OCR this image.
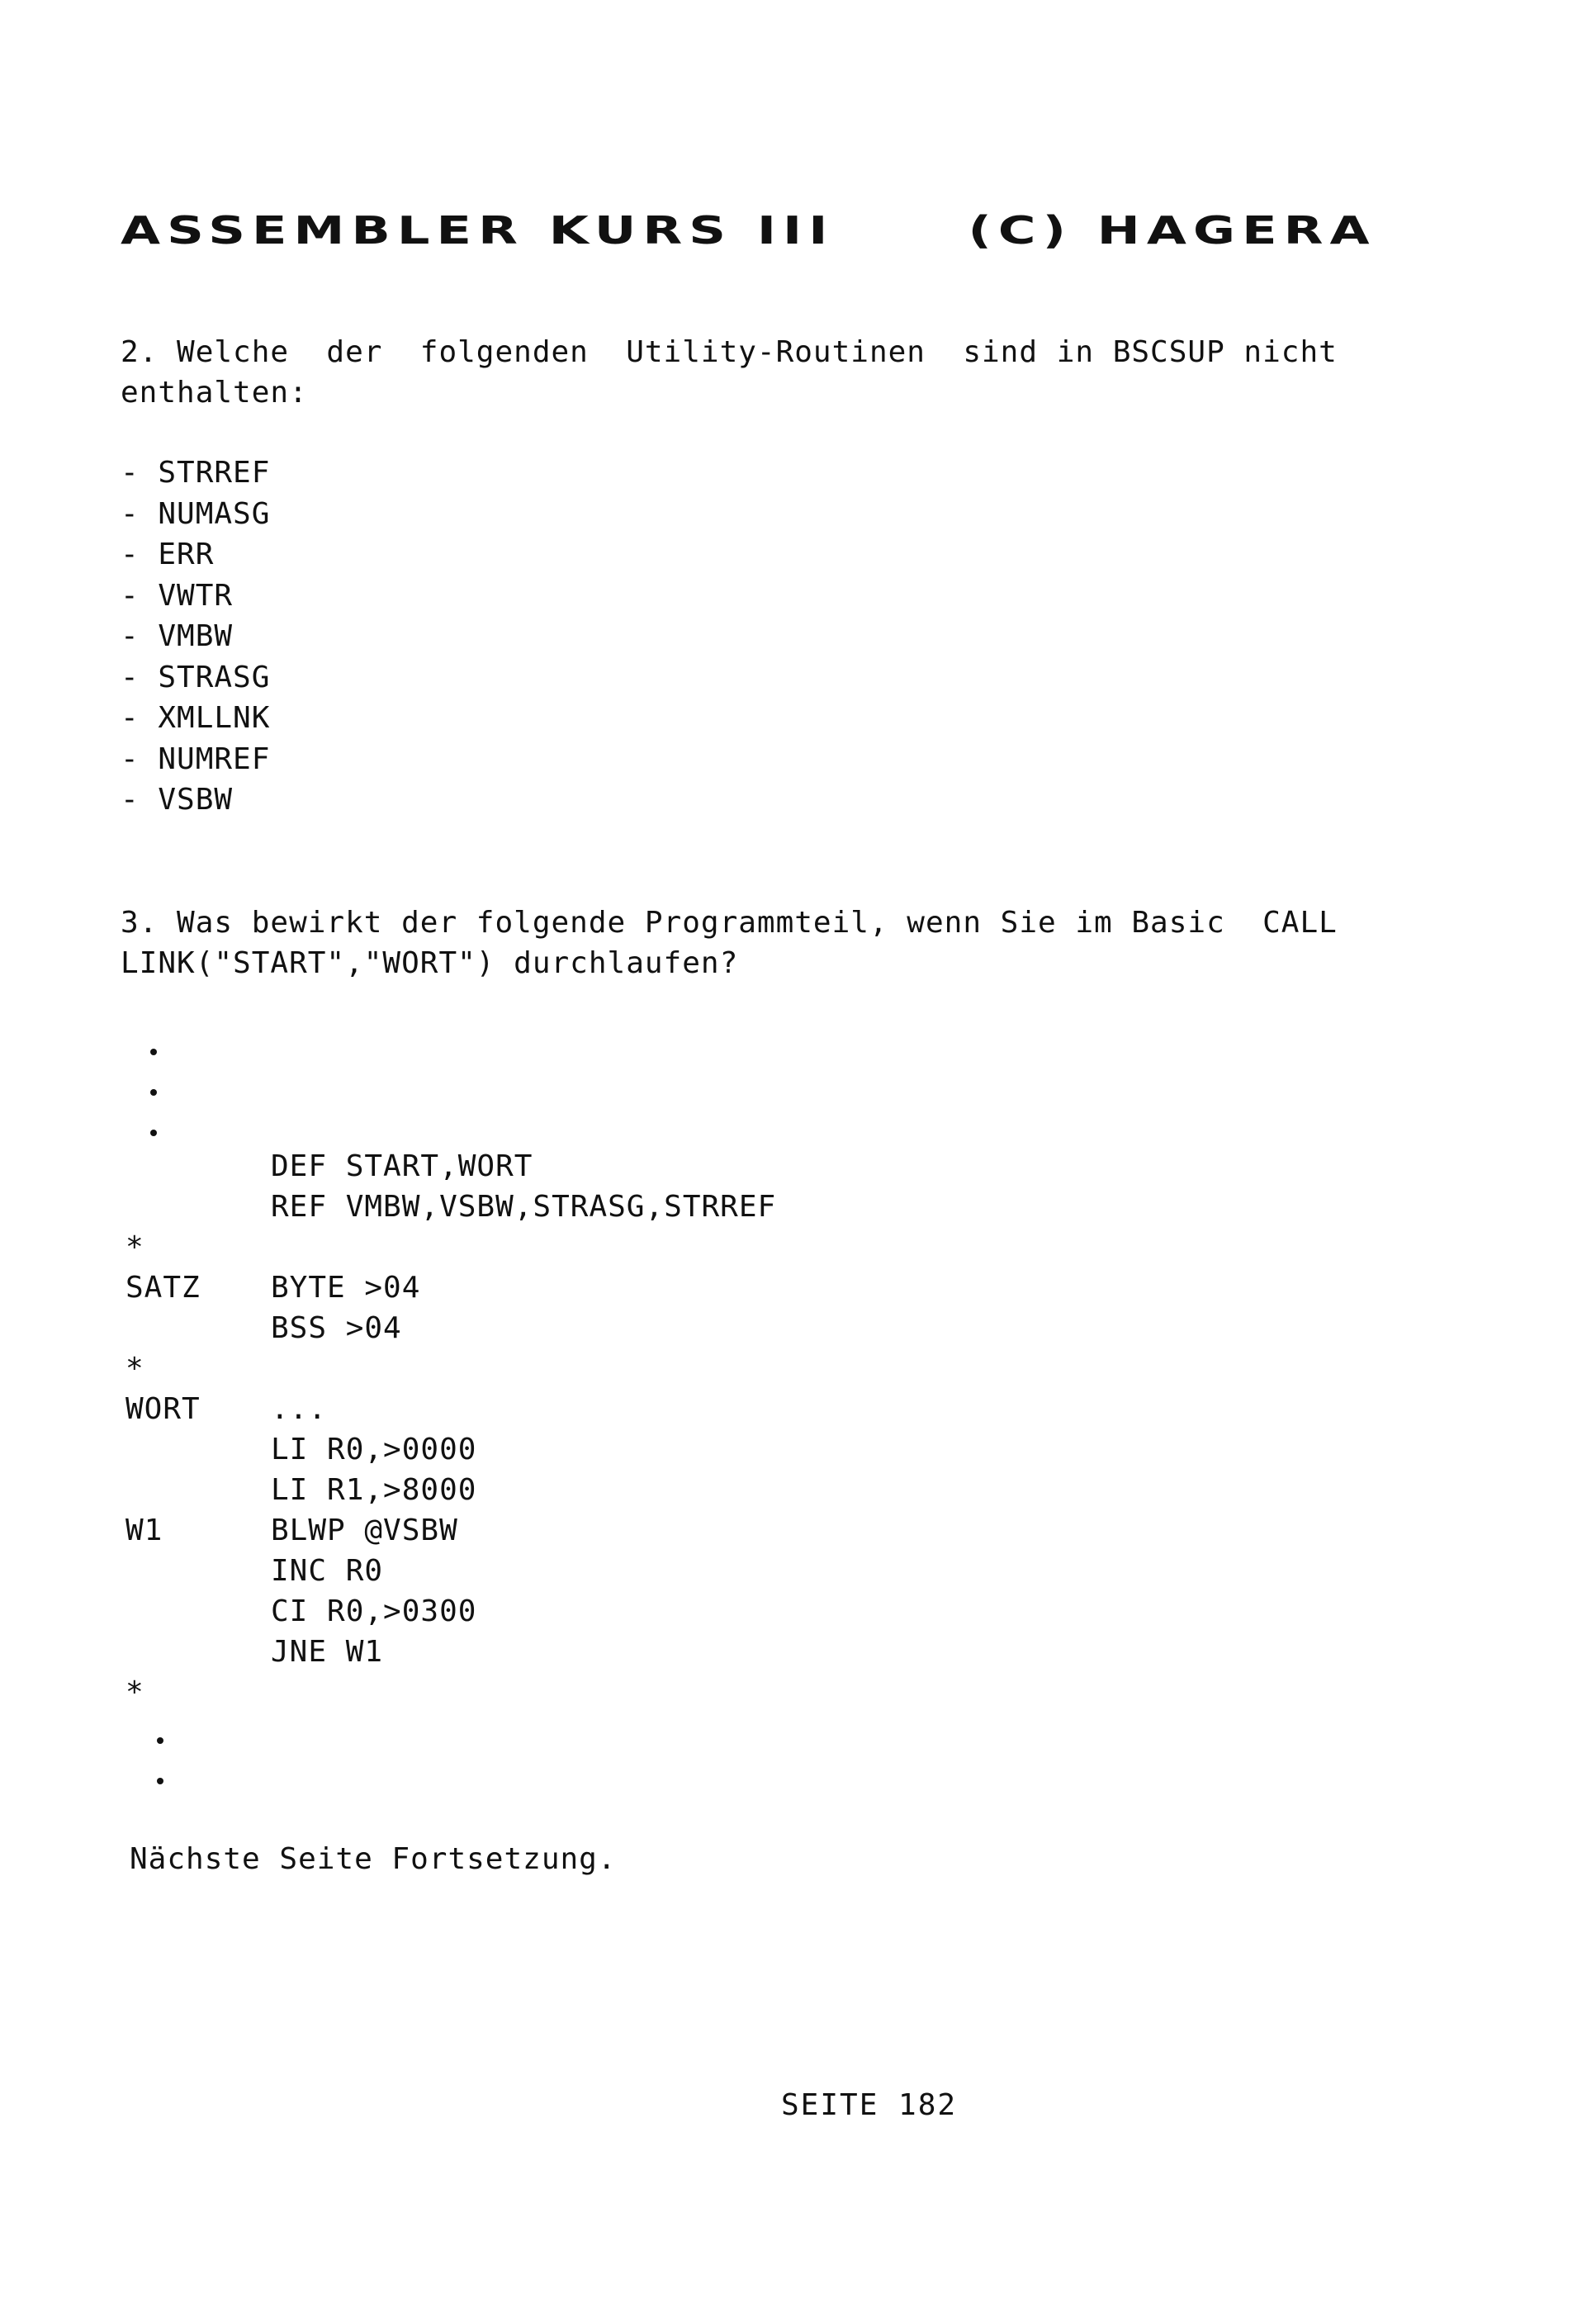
ASSEMBLER KURS III	(C) HAGERA
2. Welche  der  folgenden  Utility-Routinen  sind in BSCSUP nicht
enthalten:
- STRREF
- NUMASG
- ERR
- VWTR
- VMBW
- STRASG
- XMLLNK
- NUMREF
- VSBW
3. Was bewirkt der folgende Programmteil, wenn Sie im Basic  CALL
LINK("START","WORT") durchlaufen?
DEF START,WORT
REF VMBW,VSBW,STRASG,STRREF
*
SATZ BYTE >04
BSS >04
*
WORT ...
LI R0,>0000
LI R1,>8000
W1	BLWP @VSBW
INC R0
CI R0,>0300
JNE W1
*
Nächste Seite Fortsetzung.
SEITE 182
